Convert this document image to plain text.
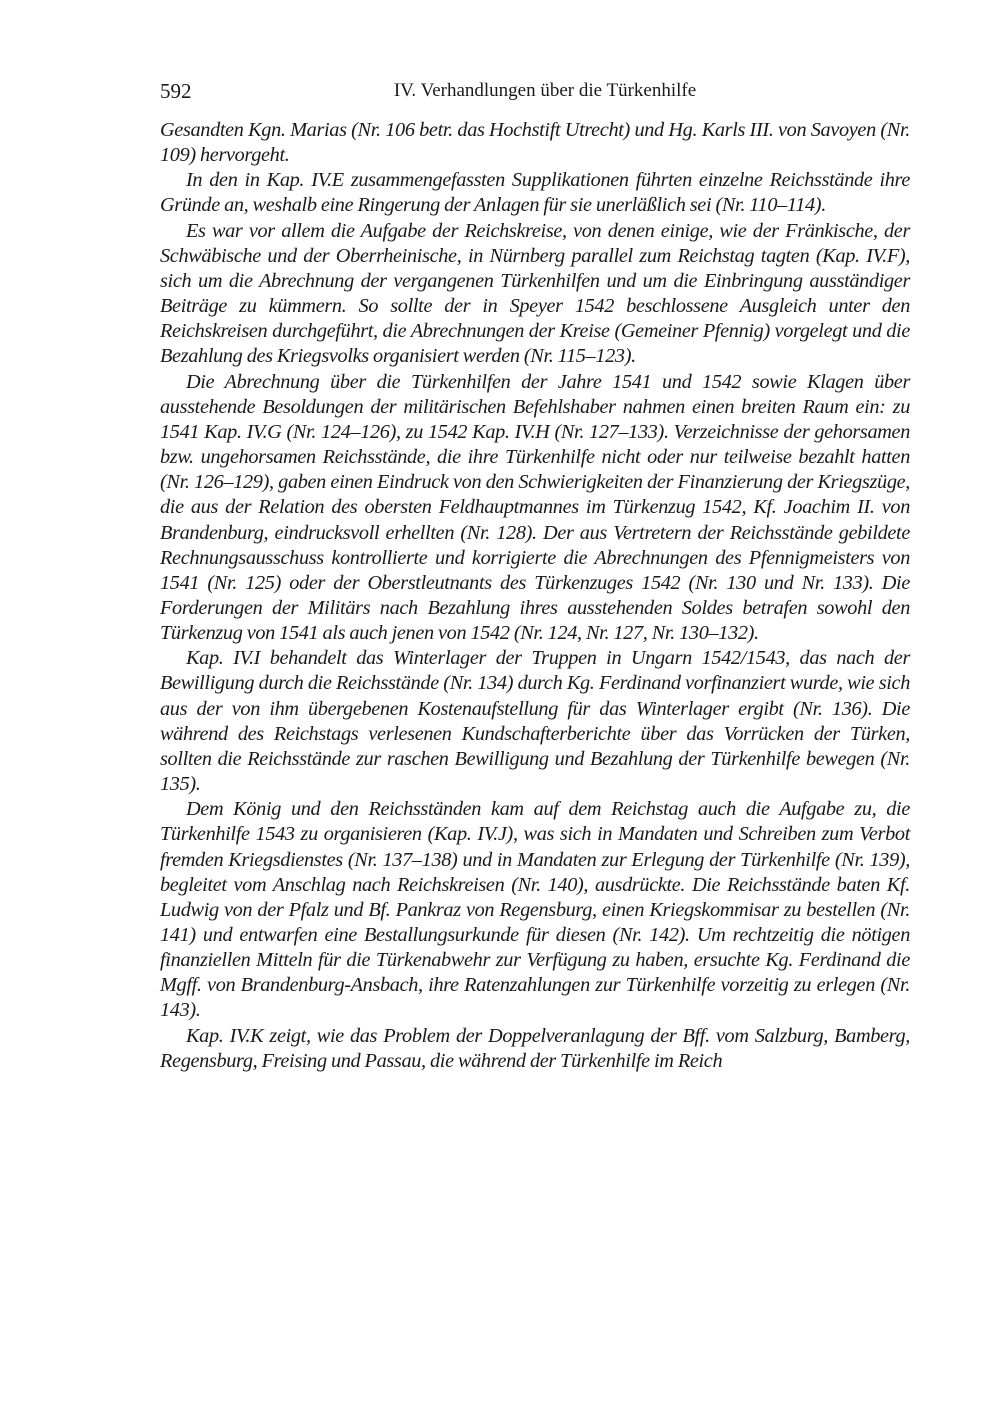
592	IV. Verhandlungen über die Türkenhilfe

Gesandten Kgn. Marias (Nr. 106 betr. das Hochstift Utrecht) und Hg. Karls III. von Savoyen (Nr. 109) hervorgeht.

In den in Kap. IV.E zusammengefassten Supplikationen führten einzelne Reichsstände ihre Gründe an, weshalb eine Ringerung der Anlagen für sie unerläßlich sei (Nr. 110–114).

Es war vor allem die Aufgabe der Reichskreise, von denen einige, wie der Fränkische, der Schwäbische und der Oberrheinische, in Nürnberg parallel zum Reichstag tagten (Kap. IV.F), sich um die Abrechnung der vergangenen Türkenhilfen und um die Einbringung ausständiger Beiträge zu kümmern. So sollte der in Speyer 1542 beschlossene Ausgleich unter den Reichskreisen durchgeführt, die Abrechnungen der Kreise (Gemeiner Pfennig) vorgelegt und die Bezahlung des Kriegsvolks organisiert werden (Nr. 115–123).

Die Abrechnung über die Türkenhilfen der Jahre 1541 und 1542 sowie Klagen über ausstehende Besoldungen der militärischen Befehlshaber nahmen einen breiten Raum ein: zu 1541 Kap. IV.G (Nr. 124–126), zu 1542 Kap. IV.H (Nr. 127–133). Verzeichnisse der gehorsamen bzw. ungehorsamen Reichsstände, die ihre Türkenhilfe nicht oder nur teilweise bezahlt hatten (Nr. 126–129), gaben einen Eindruck von den Schwierigkeiten der Finanzierung der Kriegszüge, die aus der Relation des obersten Feldhauptmannes im Türkenzug 1542, Kf. Joachim II. von Brandenburg, eindrucksvoll erhellten (Nr. 128). Der aus Vertretern der Reichsstände gebildete Rechnungsausschuss kontrollierte und korrigierte die Abrechnungen des Pfennigmeisters von 1541 (Nr. 125) oder der Oberstleutnants des Türkenzuges 1542 (Nr. 130 und Nr. 133). Die Forderungen der Militärs nach Bezahlung ihres ausstehenden Soldes betrafen sowohl den Türkenzug von 1541 als auch jenen von 1542 (Nr. 124, Nr. 127, Nr. 130–132).

Kap. IV.I behandelt das Winterlager der Truppen in Ungarn 1542/1543, das nach der Bewilligung durch die Reichsstände (Nr. 134) durch Kg. Ferdinand vorfinanziert wurde, wie sich aus der von ihm übergebenen Kostenaufstellung für das Winterlager ergibt (Nr. 136). Die während des Reichstags verlesenen Kundschafterberichte über das Vorrücken der Türken, sollten die Reichsstände zur raschen Bewilligung und Bezahlung der Türkenhilfe bewegen (Nr. 135).

Dem König und den Reichsständen kam auf dem Reichstag auch die Aufgabe zu, die Türkenhilfe 1543 zu organisieren (Kap. IV.J), was sich in Mandaten und Schreiben zum Verbot fremden Kriegsdienstes (Nr. 137–138) und in Mandaten zur Erlegung der Türkenhilfe (Nr. 139), begleitet vom Anschlag nach Reichskreisen (Nr. 140), ausdrückte. Die Reichsstände baten Kf. Ludwig von der Pfalz und Bf. Pankraz von Regensburg, einen Kriegskommisar zu bestellen (Nr. 141) und entwarfen eine Bestallungsurkunde für diesen (Nr. 142). Um rechtzeitig die nötigen finanziellen Mitteln für die Türkenabwehr zur Verfügung zu haben, ersuchte Kg. Ferdinand die Mgff. von Brandenburg-Ansbach, ihre Ratenzahlungen zur Türkenhilfe vorzeitig zu erlegen (Nr. 143).

Kap. IV.K zeigt, wie das Problem der Doppelveranlagung der Bff. vom Salzburg, Bamberg, Regensburg, Freising und Passau, die während der Türkenhilfe im Reich
